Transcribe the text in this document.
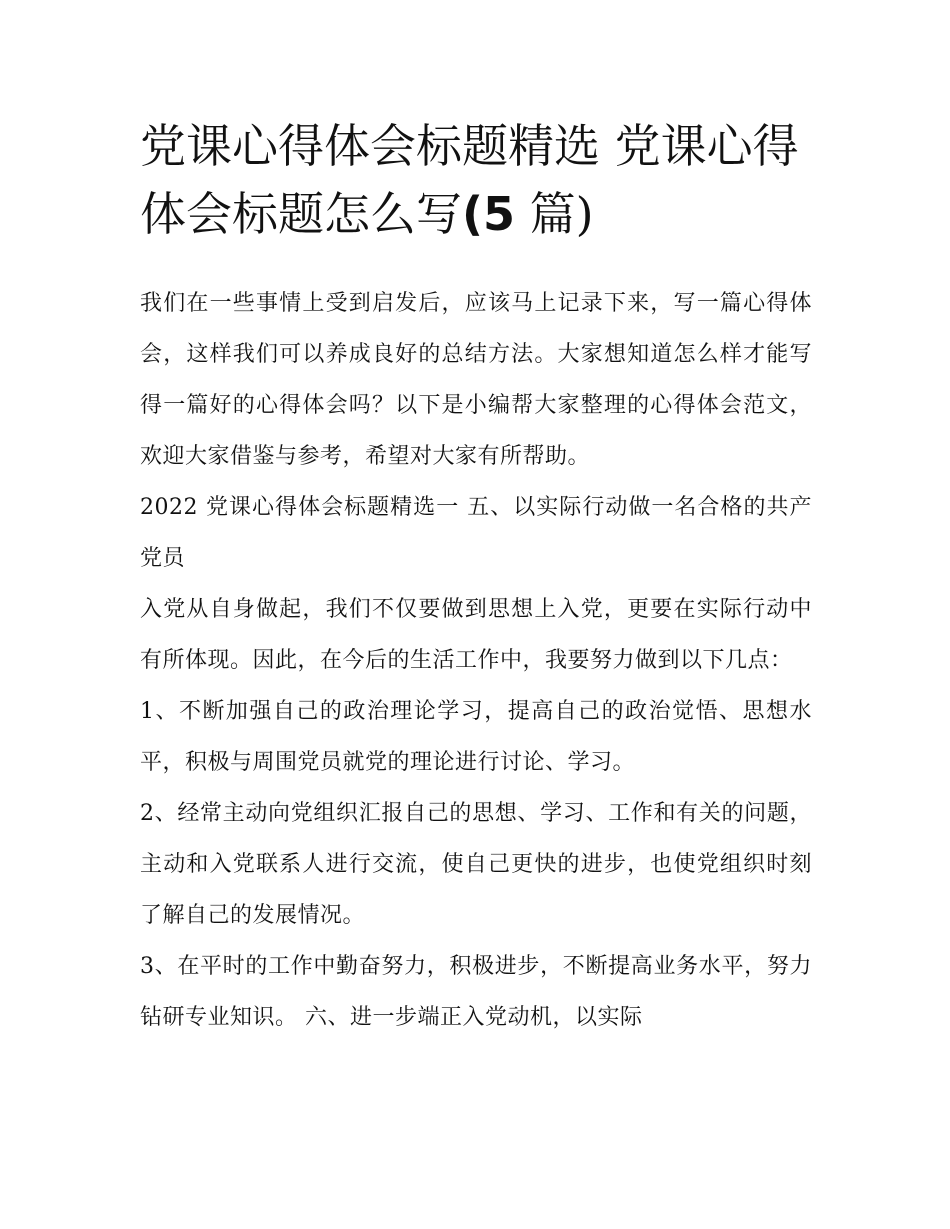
党课心得体会标题精选 党课心得体会标题怎么写(5 篇)

我们在一些事情上受到启发后，应该马上记录下来，写一篇心得体会，这样我们可以养成良好的总结方法。大家想知道怎么样才能写得一篇好的心得体会吗？以下是小编帮大家整理的心得体会范文，欢迎大家借鉴与参考，希望对大家有所帮助。

2022 党课心得体会标题精选一 五、以实际行动做一名合格的共产党员

入党从自身做起，我们不仅要做到思想上入党，更要在实际行动中有所体现。因此，在今后的生活工作中，我要努力做到以下几点：

1、不断加强自己的政治理论学习，提高自己的政治觉悟、思想水平，积极与周围党员就党的理论进行讨论、学习。

2、经常主动向党组织汇报自己的思想、学习、工作和有关的问题，主动和入党联系人进行交流，使自己更快的进步，也使党组织时刻了解自己的发展情况。

3、在平时的工作中勤奋努力，积极进步，不断提高业务水平，努力钻研专业知识。 六、进一步端正入党动机，以实际
